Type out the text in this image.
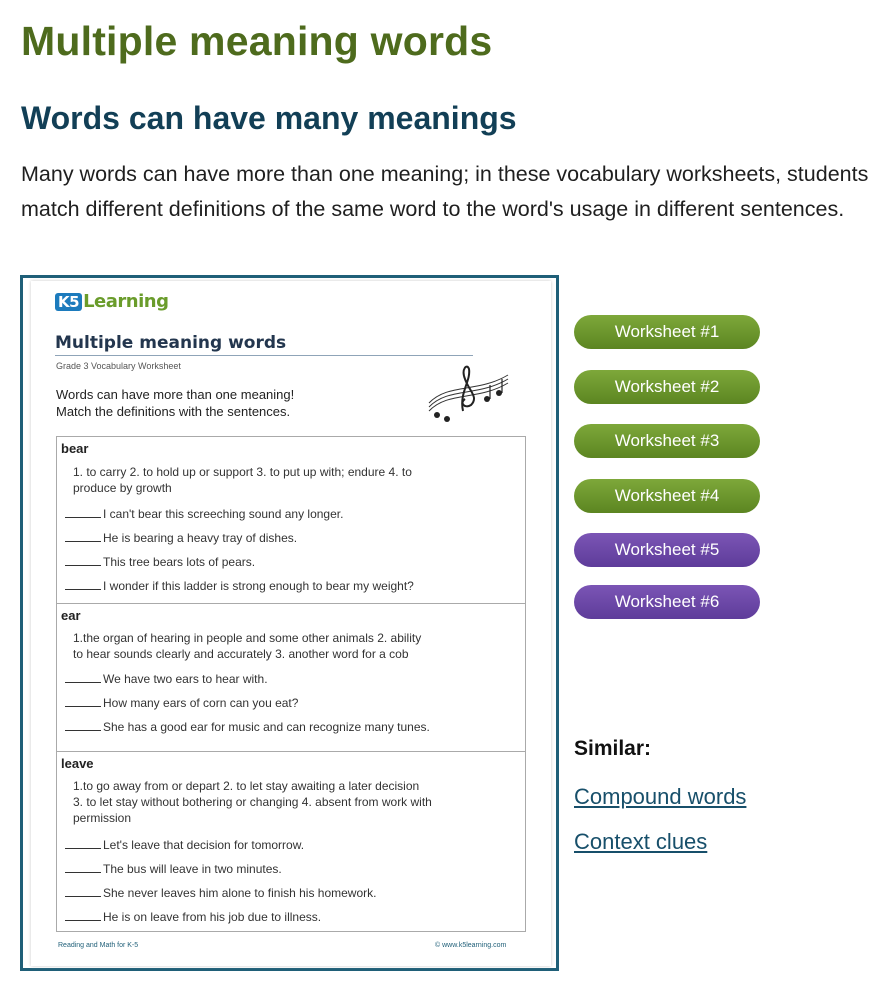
Multiple meaning words
Words can have many meanings

Many words can have more than one meaning; in these vocabulary worksheets, students match different definitions of the same word to the word's usage in different sentences.

K5 Learning
Multiple meaning words
Grade 3 Vocabulary Worksheet
Words can have more than one meaning!
Match the definitions with the sentences.
bear
1. to carry 2. to hold up or support 3. to put up with; endure 4. to
produce by growth
I can't bear this screeching sound any longer.
He is bearing a heavy tray of dishes.
This tree bears lots of pears.
I wonder if this ladder is strong enough to bear my weight?
ear
1.the organ of hearing in people and some other animals 2. ability
to hear sounds clearly and accurately 3. another word for a cob
We have two ears to hear with.
How many ears of corn can you eat?
She has a good ear for music and can recognize many tunes.
leave
1.to go away from or depart 2. to let stay awaiting a later decision
3. to let stay without bothering or changing 4. absent from work with
permission
Let's leave that decision for tomorrow.
The bus will leave in two minutes.
She never leaves him alone to finish his homework.
He is on leave from his job due to illness.
Reading and Math for K-5	© www.k5learning.com
Worksheet #1
Worksheet #2
Worksheet #3
Worksheet #4
Worksheet #5
Worksheet #6
Similar:
Compound words
Context clues
